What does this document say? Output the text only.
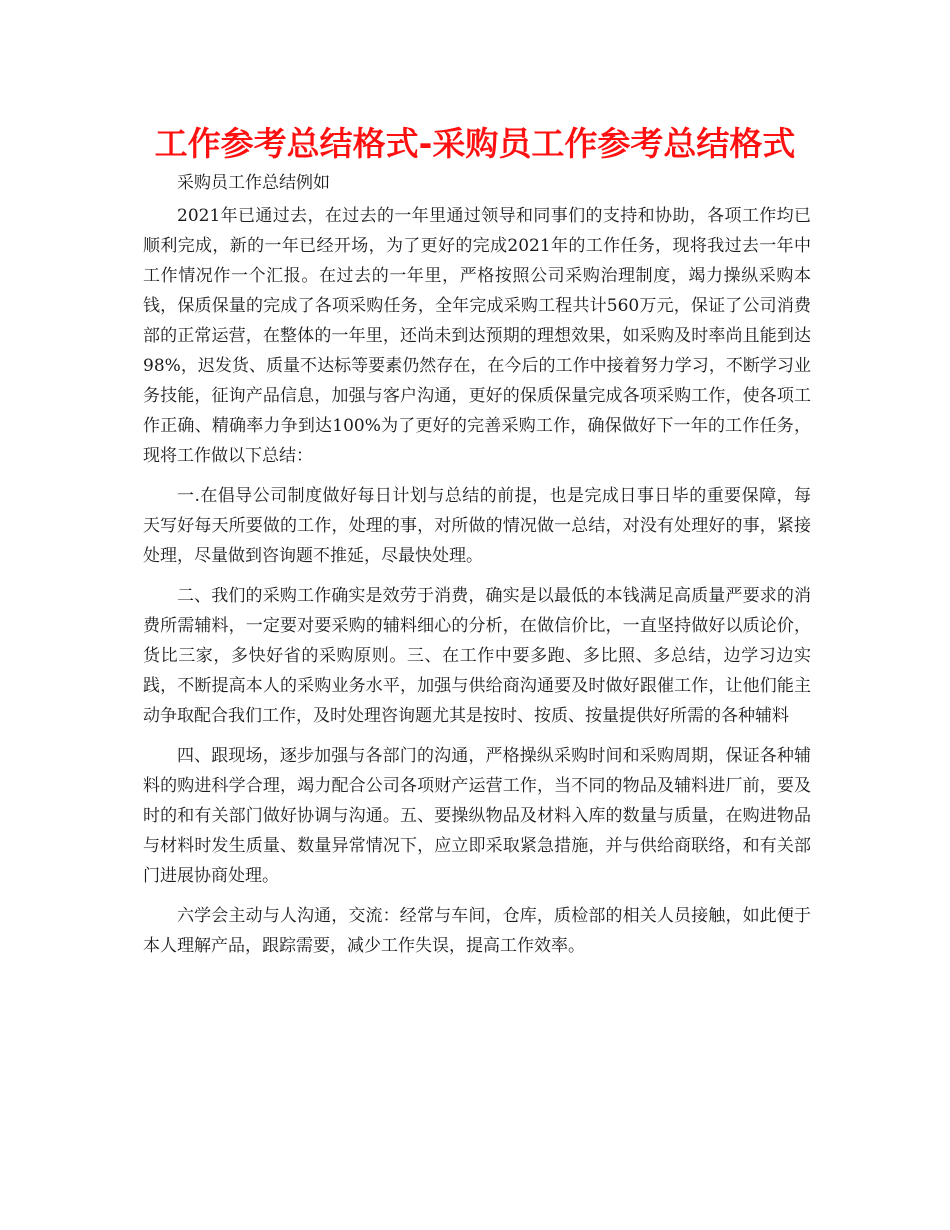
工作参考总结格式-采购员工作参考总结格式

采购员工作总结例如

2021年已通过去，在过去的一年里通过领导和同事们的支持和协助，各项工作均已顺利完成，新的一年已经开场，为了更好的完成2021年的工作任务，现将我过去一年中工作情况作一个汇报。在过去的一年里，严格按照公司采购治理制度，竭力操纵采购本钱，保质保量的完成了各项采购任务，全年完成采购工程共计560万元，保证了公司消费部的正常运营，在整体的一年里，还尚未到达预期的理想效果，如采购及时率尚且能到达98%，迟发货、质量不达标等要素仍然存在，在今后的工作中接着努力学习，不断学习业务技能，征询产品信息，加强与客户沟通，更好的保质保量完成各项采购工作，使各项工作正确、精确率力争到达100%为了更好的完善采购工作，确保做好下一年的工作任务，现将工作做以下总结：

一.在倡导公司制度做好每日计划与总结的前提，也是完成日事日毕的重要保障，每天写好每天所要做的工作，处理的事，对所做的情况做一总结，对没有处理好的事，紧接处理，尽量做到咨询题不推延，尽最快处理。

二、我们的采购工作确实是效劳于消费，确实是以最低的本钱满足高质量严要求的消费所需辅料，一定要对要采购的辅料细心的分析，在做信价比，一直坚持做好以质论价，货比三家，多快好省的采购原则。三、在工作中要多跑、多比照、多总结，边学习边实践，不断提高本人的采购业务水平，加强与供给商沟通要及时做好跟催工作，让他们能主动争取配合我们工作，及时处理咨询题尤其是按时、按质、按量提供好所需的各种辅料

四、跟现场，逐步加强与各部门的沟通，严格操纵采购时间和采购周期，保证各种辅料的购进科学合理，竭力配合公司各项财产运营工作，当不同的物品及辅料进厂前，要及时的和有关部门做好协调与沟通。五、要操纵物品及材料入库的数量与质量，在购进物品与材料时发生质量、数量异常情况下，应立即采取紧急措施，并与供给商联络，和有关部门进展协商处理。

六学会主动与人沟通，交流：经常与车间，仓库，质检部的相关人员接触，如此便于本人理解产品，跟踪需要，减少工作失误，提高工作效率。
